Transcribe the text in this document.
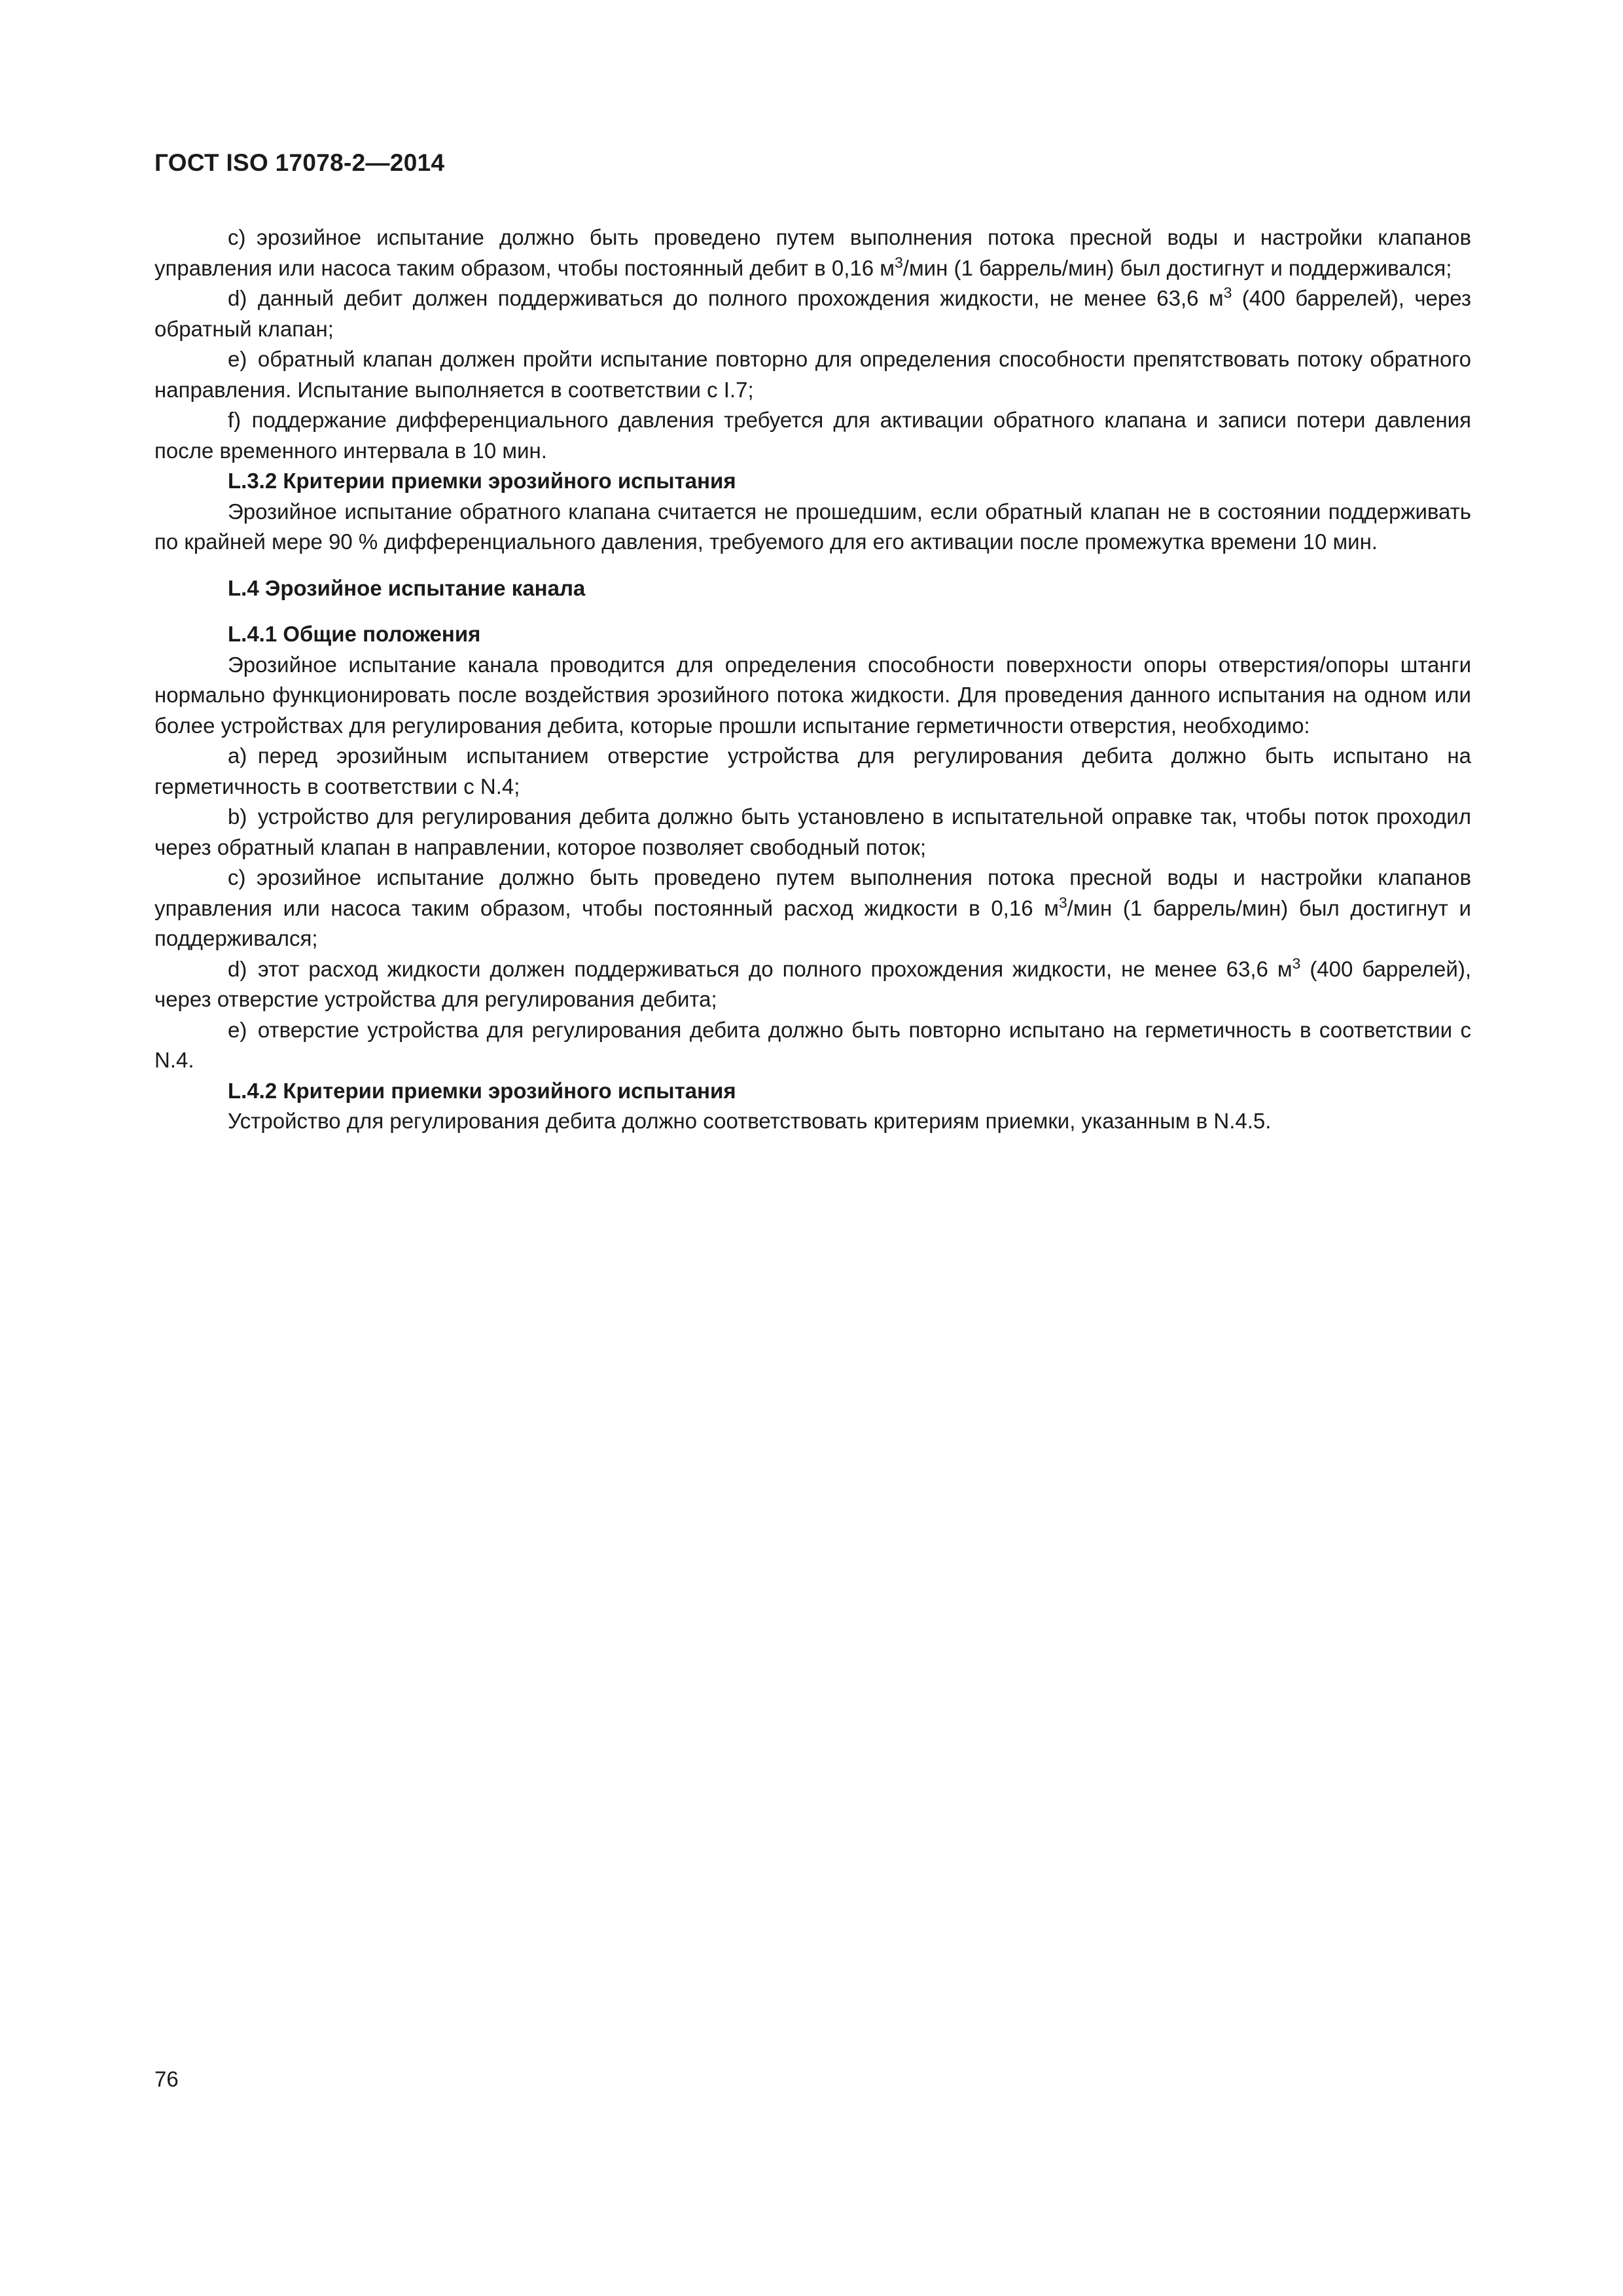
ГОСТ ISO 17078-2—2014

c) эрозийное испытание должно быть проведено путем выполнения потока пресной воды и настройки клапанов управления или насоса таким образом, чтобы постоянный дебит в 0,16 $м^3$/мин (1 баррель/мин) был достигнут и поддерживался;

d) данный дебит должен поддерживаться до полного прохождения жидкости, не менее 63,6 $м^3$ (400 баррелей), через обратный клапан;

e) обратный клапан должен пройти испытание повторно для определения способности препятствовать потоку обратного направления. Испытание выполняется в соответствии с I.7;

f) поддержание дифференциального давления требуется для активации обратного клапана и записи потери давления после временного интервала в 10 мин.

L.3.2 Критерии приемки эрозийного испытания

Эрозийное испытание обратного клапана считается не прошедшим, если обратный клапан не в состоянии поддерживать по крайней мере 90 % дифференциального давления, требуемого для его активации после промежутка времени 10 мин.

L.4 Эрозийное испытание канала

L.4.1 Общие положения

Эрозийное испытание канала проводится для определения способности поверхности опоры отверстия/опоры штанги нормально функционировать после воздействия эрозийного потока жидкости. Для проведения данного испытания на одном или более устройствах для регулирования дебита, которые прошли испытание герметичности отверстия, необходимо:

a) перед эрозийным испытанием отверстие устройства для регулирования дебита должно быть испытано на герметичность в соответствии с N.4;

b) устройство для регулирования дебита должно быть установлено в испытательной оправке так, чтобы поток проходил через обратный клапан в направлении, которое позволяет свободный поток;

c) эрозийное испытание должно быть проведено путем выполнения потока пресной воды и настройки клапанов управления или насоса таким образом, чтобы постоянный расход жидкости в 0,16 $м^3$/мин (1 баррель/мин) был достигнут и поддерживался;

d) этот расход жидкости должен поддерживаться до полного прохождения жидкости, не менее 63,6 $м^3$ (400 баррелей), через отверстие устройства для регулирования дебита;

e) отверстие устройства для регулирования дебита должно быть повторно испытано на герметичность в соответствии с N.4.

L.4.2 Критерии приемки эрозийного испытания

Устройство для регулирования дебита должно соответствовать критериям приемки, указанным в N.4.5.

76
